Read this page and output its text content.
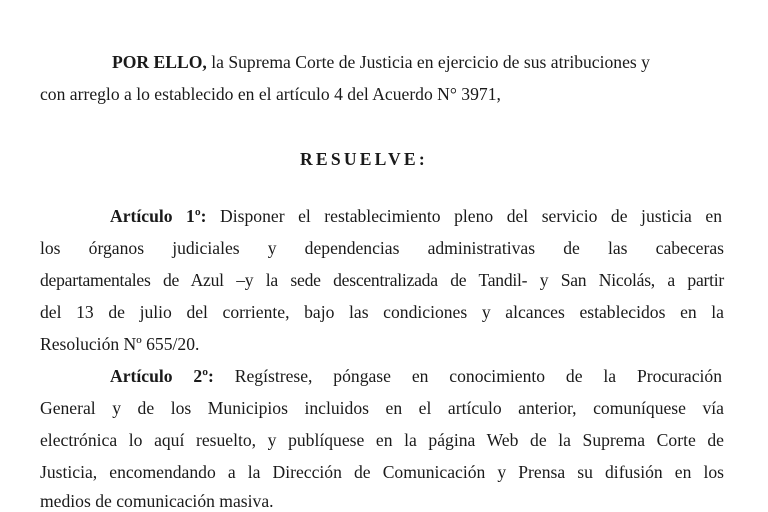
POR ELLO, la Suprema Corte de Justicia en ejercicio de sus atribuciones y
con arreglo a lo establecido en el artículo 4 del Acuerdo N° 3971,
RESUELVE:
Artículo 1º: Disponer el restablecimiento pleno del servicio de justicia en
los órganos judiciales y dependencias administrativas de las cabeceras
departamentales de Azul –y la sede descentralizada de Tandil- y San Nicolás, a partir
del 13 de julio del corriente, bajo las condiciones y alcances establecidos en la
Resolución Nº 655/20.
Artículo 2º: Regístrese, póngase en conocimiento de la Procuración
General y de los Municipios incluidos en el artículo anterior, comuníquese vía
electrónica lo aquí resuelto, y publíquese en la página Web de la Suprema Corte de
Justicia, encomendando a la Dirección de Comunicación y Prensa su difusión en los
medios de comunicación masiva.
